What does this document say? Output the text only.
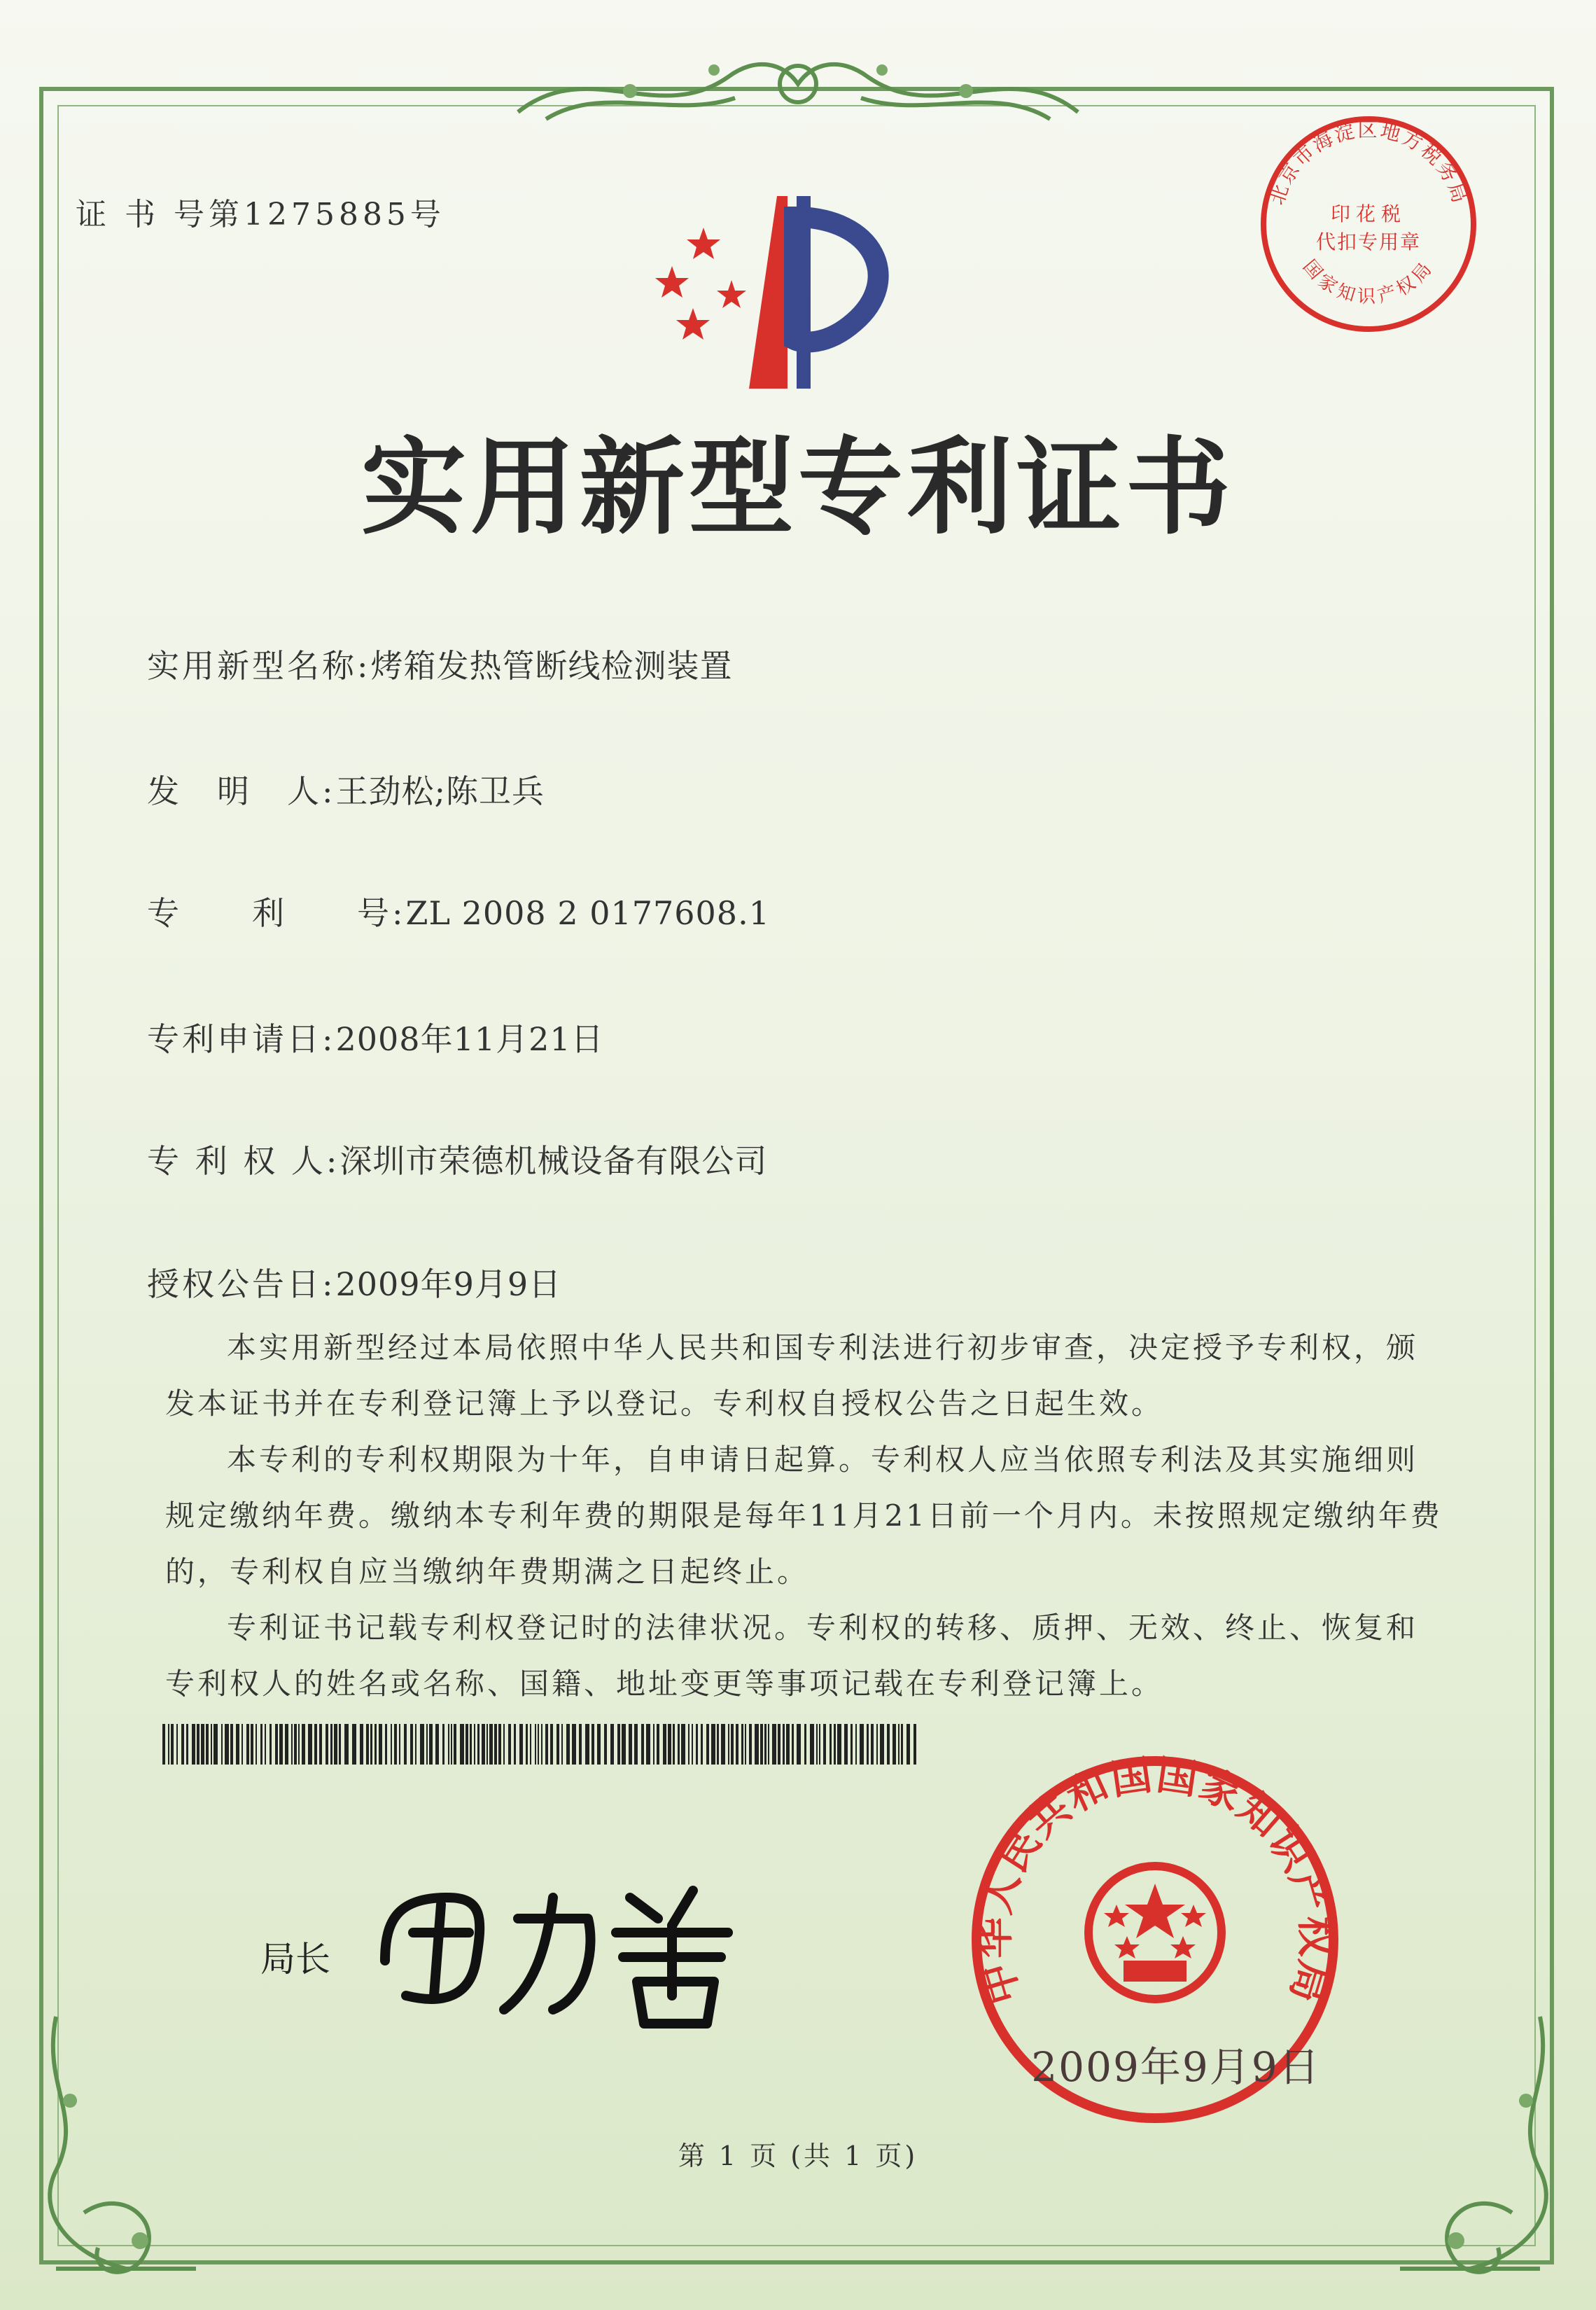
证 书 号第1275885号
北京市海淀区地方税务局
印花税
代扣专用章
国家知识产权局
实用新型专利证书
实用新型名称:烤箱发热管断线检测装置
发　明　人:王劲松;陈卫兵
专　　利　　号:ZL 2008 2 0177608.1
专利申请日:2008年11月21日
专 利 权 人:深圳市荣德机械设备有限公司
授权公告日:2009年9月9日

本实用新型经过本局依照中华人民共和国专利法进行初步审查，决定授予专利权，颁发本证书并在专利登记簿上予以登记。专利权自授权公告之日起生效。

本专利的专利权期限为十年，自申请日起算。专利权人应当依照专利法及其实施细则规定缴纳年费。缴纳本专利年费的期限是每年11月21日前一个月内。未按照规定缴纳年费的，专利权自应当缴纳年费期满之日起终止。

专利证书记载专利权登记时的法律状况。专利权的转移、质押、无效、终止、恢复和专利权人的姓名或名称、国籍、地址变更等事项记载在专利登记簿上。

局长	中华人民共和国国家知识产权局
2009年9月9日
第 1 页 (共 1 页)
